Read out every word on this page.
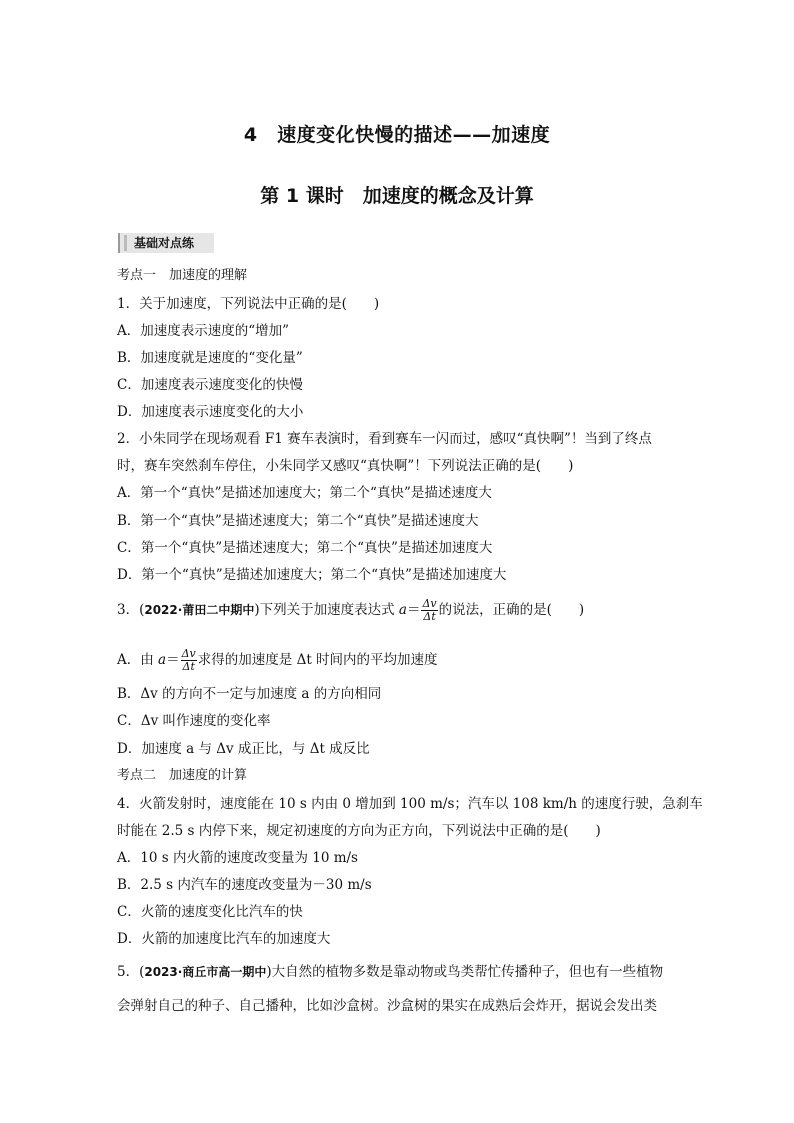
4　速度变化快慢的描述——加速度
第 1 课时　加速度的概念及计算
基础对点练
考点一　加速度的理解
1．关于加速度，下列说法中正确的是(　　)
A．加速度表示速度的“增加”
B．加速度就是速度的“变化量”
C．加速度表示速度变化的快慢
D．加速度表示速度变化的大小
2．小朱同学在现场观看 F1 赛车表演时，看到赛车一闪而过，感叹“真快啊”！当到了终点
时，赛车突然刹车停住，小朱同学又感叹“真快啊”！下列说法正确的是(　　)
A．第一个“真快”是描述加速度大；第二个“真快”是描述速度大
B．第一个“真快”是描述速度大；第二个“真快”是描述速度大
C．第一个“真快”是描述速度大；第二个“真快”是描述加速度大
D．第一个“真快”是描述加速度大；第二个“真快”是描述加速度大
3．(2022·莆田二中期中)下列关于加速度表达式 $a= \frac{\Delta v}{\Delta t}$ 的说法，正确的是(　　)
A．由 $a= \frac{\Delta v}{\Delta t}$ 求得的加速度是 Δt 时间内的平均加速度
B．Δv 的方向不一定与加速度 a 的方向相同
C．Δv 叫作速度的变化率
D．加速度 a 与 Δv 成正比，与 Δt 成反比
考点二　加速度的计算
4．火箭发射时，速度能在 10 s 内由 0 增加到 100 m/s；汽车以 108 km/h 的速度行驶，急刹车
时能在 2.5 s 内停下来，规定初速度的方向为正方向，下列说法中正确的是(　　)
A．10 s 内火箭的速度改变量为 10 m/s
B．2.5 s 内汽车的速度改变量为－30 m/s
C．火箭的速度变化比汽车的快
D．火箭的加速度比汽车的加速度大
5．(2023·商丘市高一期中)大自然的植物多数是靠动物或鸟类帮忙传播种子，但也有一些植物
会弹射自己的种子、自己播种，比如沙盒树。沙盒树的果实在成熟后会炸开，据说会发出类
